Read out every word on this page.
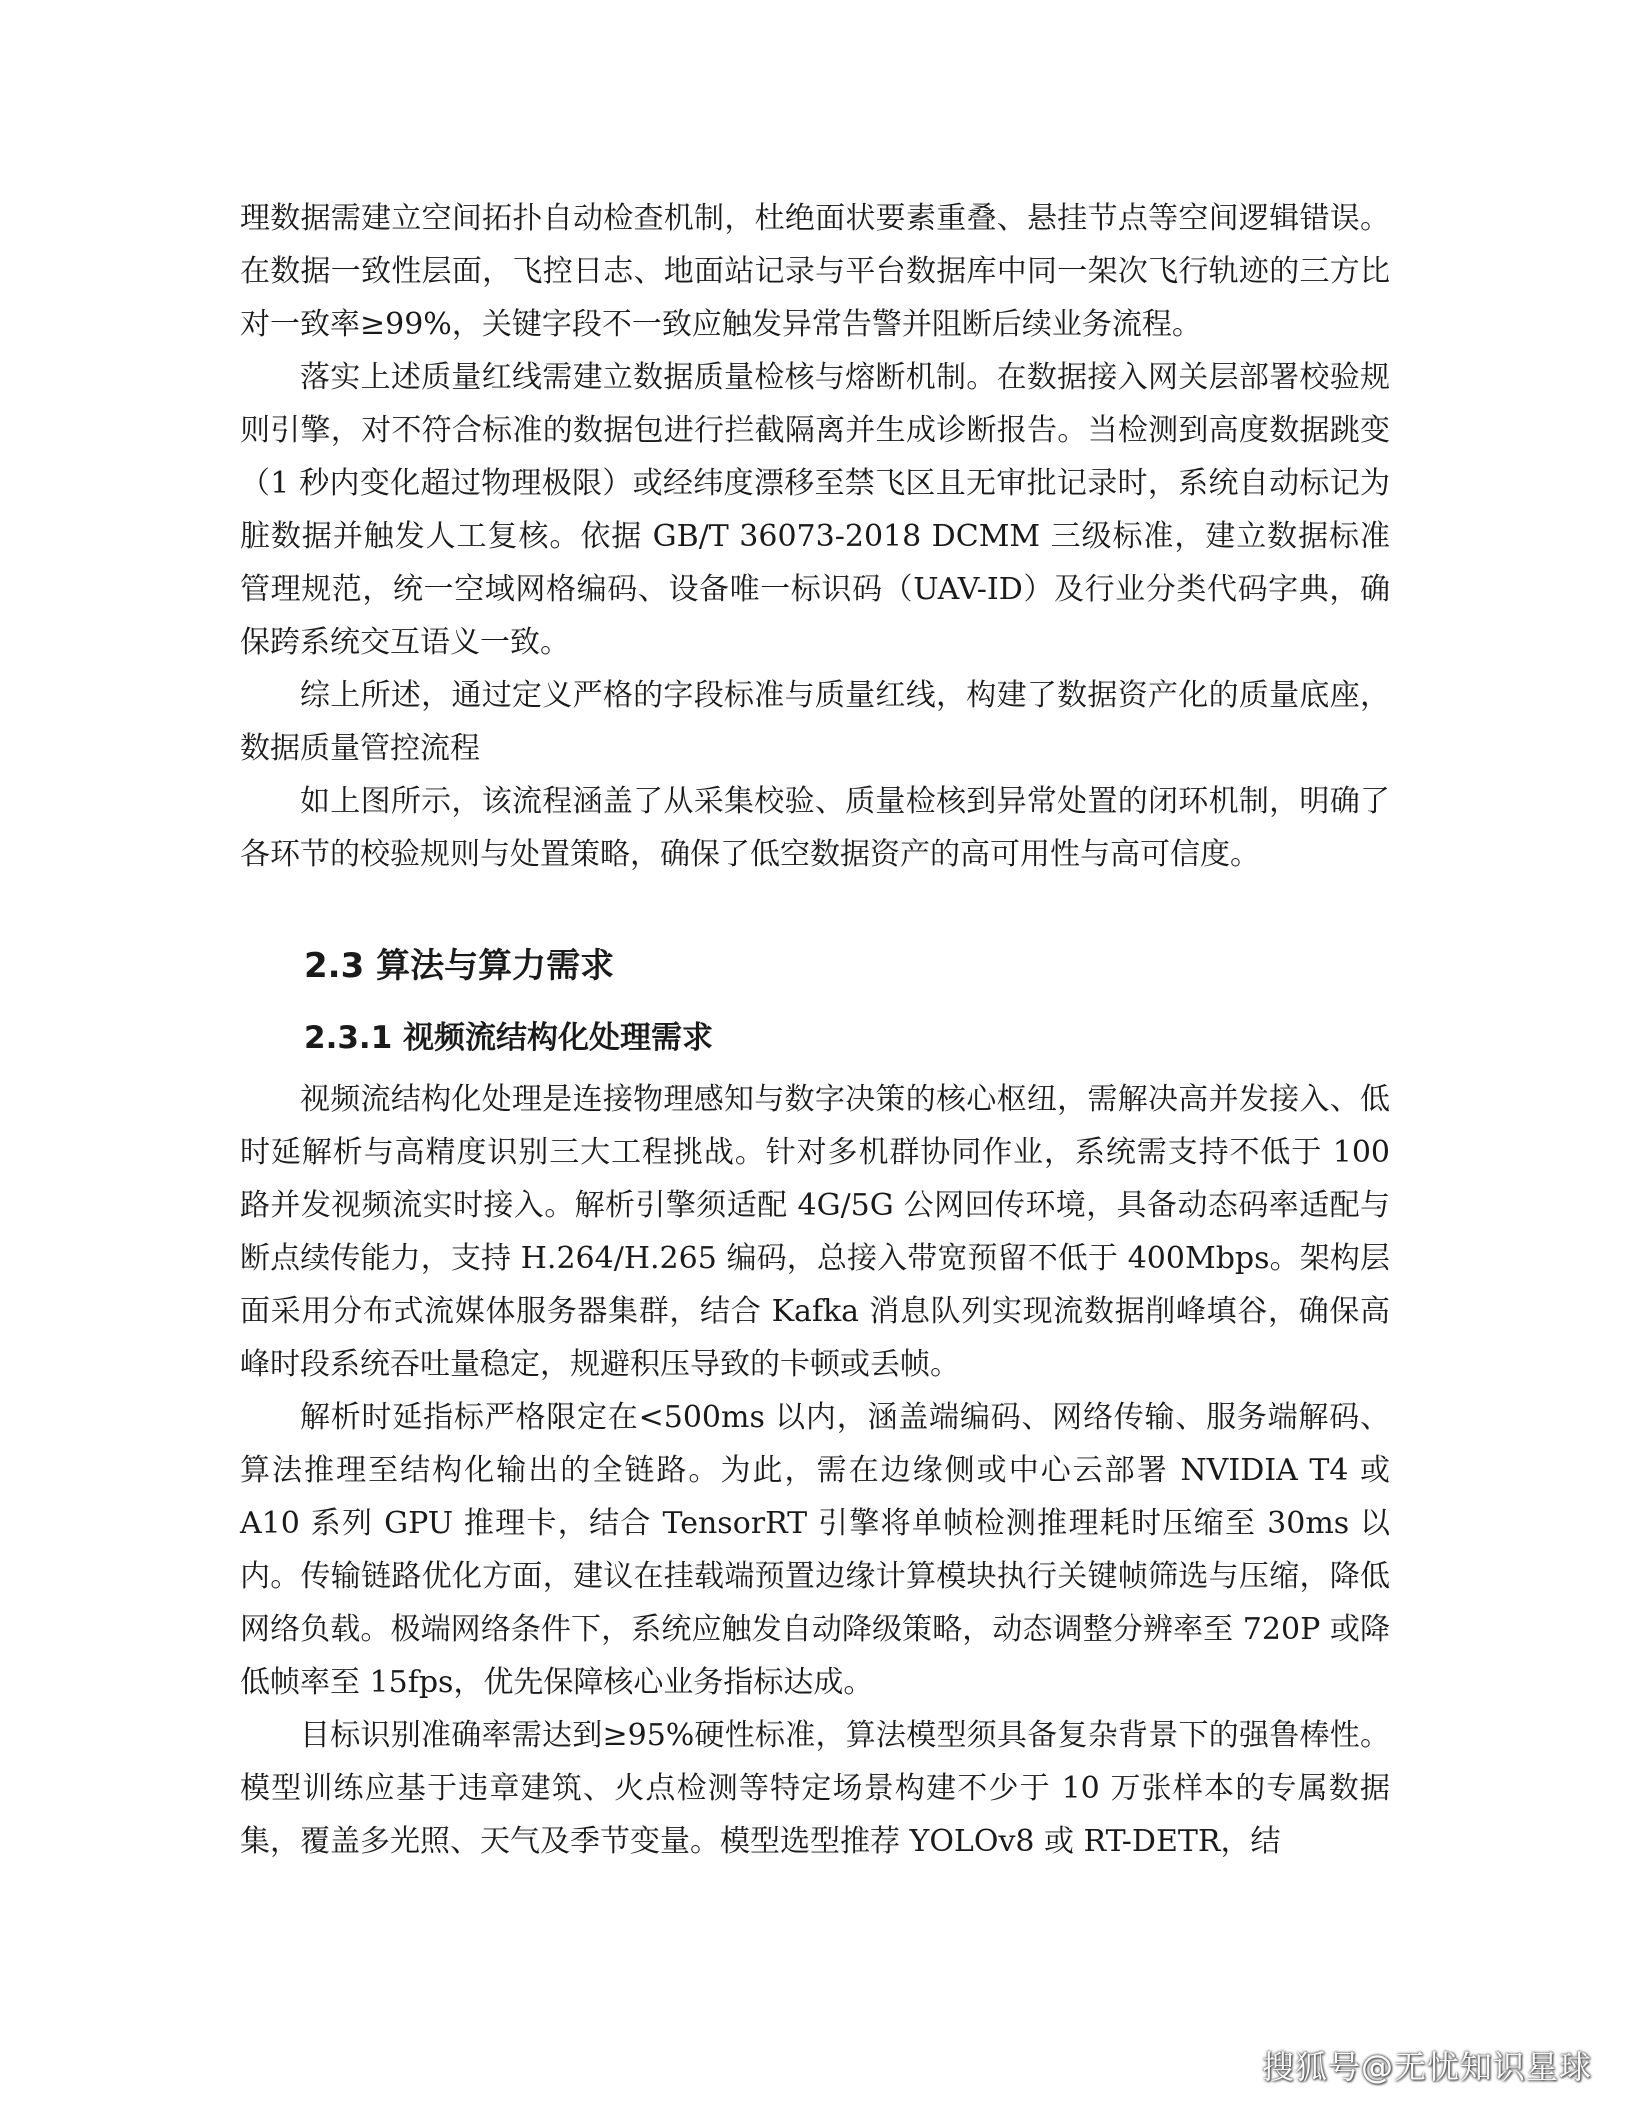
理数据需建立空间拓扑自动检查机制，杜绝面状要素重叠、悬挂节点等空间逻辑错误。在数据一致性层面，飞控日志、地面站记录与平台数据库中同一架次飞行轨迹的三方比对一致率≥99%，关键字段不一致应触发异常告警并阻断后续业务流程。

落实上述质量红线需建立数据质量检核与熔断机制。在数据接入网关层部署校验规则引擎，对不符合标准的数据包进行拦截隔离并生成诊断报告。当检测到高度数据跳变（1 秒内变化超过物理极限）或经纬度漂移至禁飞区且无审批记录时，系统自动标记为脏数据并触发人工复核。依据 GB/T 36073-2018 DCMM 三级标准，建立数据标准管理规范，统一空域网格编码、设备唯一标识码（UAV-ID）及行业分类代码字典，确保跨系统交互语义一致。

综上所述，通过定义严格的字段标准与质量红线，构建了数据资产化的质量底座，数据质量管控流程

如上图所示，该流程涵盖了从采集校验、质量检核到异常处置的闭环机制，明确了各环节的校验规则与处置策略，确保了低空数据资产的高可用性与高可信度。

2.3 算法与算力需求
2.3.1 视频流结构化处理需求

视频流结构化处理是连接物理感知与数字决策的核心枢纽，需解决高并发接入、低时延解析与高精度识别三大工程挑战。针对多机群协同作业，系统需支持不低于 100 路并发视频流实时接入。解析引擎须适配 4G/5G 公网回传环境，具备动态码率适配与断点续传能力，支持 H.264/H.265 编码，总接入带宽预留不低于 400Mbps。架构层面采用分布式流媒体服务器集群，结合 Kafka 消息队列实现流数据削峰填谷，确保高峰时段系统吞吐量稳定，规避积压导致的卡顿或丢帧。

解析时延指标严格限定在<500ms 以内，涵盖端编码、网络传输、服务端解码、算法推理至结构化输出的全链路。为此，需在边缘侧或中心云部署 NVIDIA T4 或 A10 系列 GPU 推理卡，结合 TensorRT 引擎将单帧检测推理耗时压缩至 30ms 以内。传输链路优化方面，建议在挂载端预置边缘计算模块执行关键帧筛选与压缩，降低网络负载。极端网络条件下，系统应触发自动降级策略，动态调整分辨率至 720P 或降低帧率至 15fps，优先保障核心业务指标达成。

目标识别准确率需达到≥95%硬性标准，算法模型须具备复杂背景下的强鲁棒性。模型训练应基于违章建筑、火点检测等特定场景构建不少于 10 万张样本的专属数据集，覆盖多光照、天气及季节变量。模型选型推荐 YOLOv8 或 RT-DETR，结

搜狐号@无忧知识星球
